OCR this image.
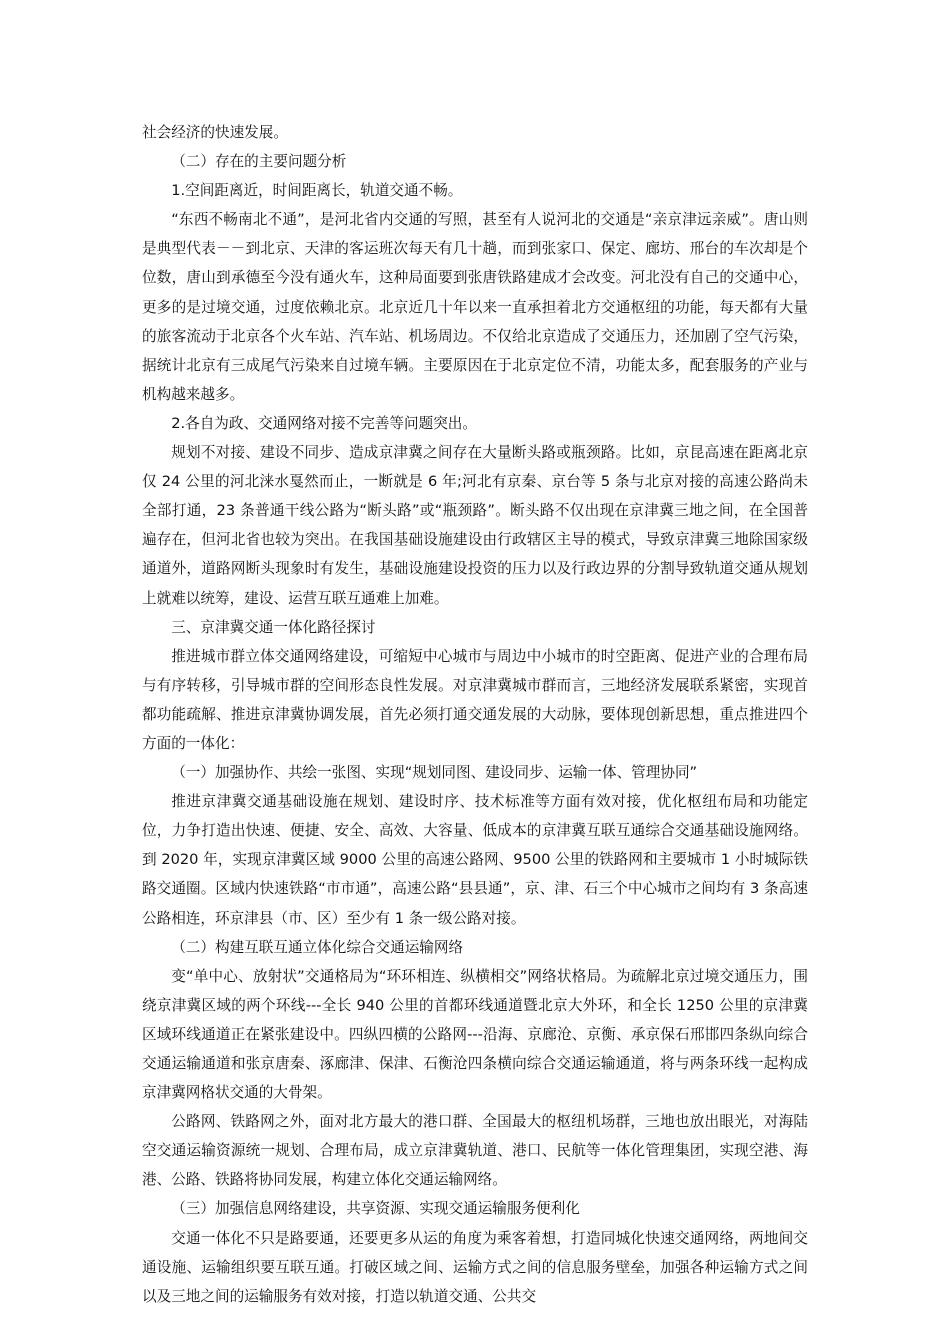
社会经济的快速发展。

（二）存在的主要问题分析

1.空间距离近，时间距离长，轨道交通不畅。

“东西不畅南北不通”，是河北省内交通的写照，甚至有人说河北的交通是“亲京津远亲威”。唐山则是典型代表－－到北京、天津的客运班次每天有几十趟，而到张家口、保定、廊坊、邢台的车次却是个位数，唐山到承德至今没有通火车，这种局面要到张唐铁路建成才会改变。河北没有自己的交通中心，更多的是过境交通，过度依赖北京。北京近几十年以来一直承担着北方交通枢纽的功能，每天都有大量的旅客流动于北京各个火车站、汽车站、机场周边。不仅给北京造成了交通压力，还加剧了空气污染，据统计北京有三成尾气污染来自过境车辆。主要原因在于北京定位不清，功能太多，配套服务的产业与机构越来越多。

2.各自为政、交通网络对接不完善等问题突出。

规划不对接、建设不同步、造成京津冀之间存在大量断头路或瓶颈路。比如，京昆高速在距离北京仅 24 公里的河北涞水戛然而止，一断就是 6 年;河北有京秦、京台等 5 条与北京对接的高速公路尚未全部打通，23 条普通干线公路为“断头路”或“瓶颈路”。断头路不仅出现在京津冀三地之间，在全国普遍存在，但河北省也较为突出。在我国基础设施建设由行政辖区主导的模式，导致京津冀三地除国家级通道外，道路网断头现象时有发生，基础设施建设投资的压力以及行政边界的分割导致轨道交通从规划上就难以统筹，建设、运营互联互通难上加难。

三、京津冀交通一体化路径探讨

推进城市群立体交通网络建设，可缩短中心城市与周边中小城市的时空距离、促进产业的合理布局与有序转移，引导城市群的空间形态良性发展。对京津冀城市群而言，三地经济发展联系紧密，实现首都功能疏解、推进京津冀协调发展，首先必须打通交通发展的大动脉，要体现创新思想，重点推进四个方面的一体化：

（一）加强协作、共绘一张图、实现“规划同图、建设同步、运输一体、管理协同”

推进京津冀交通基础设施在规划、建设时序、技术标准等方面有效对接，优化枢纽布局和功能定位，力争打造出快速、便捷、安全、高效、大容量、低成本的京津冀互联互通综合交通基础设施网络。到 2020 年，实现京津冀区域 9000 公里的高速公路网、9500 公里的铁路网和主要城市 1 小时城际铁路交通圈。区域内快速铁路“市市通”，高速公路“县县通”，京、津、石三个中心城市之间均有 3 条高速公路相连，环京津县（市、区）至少有 1 条一级公路对接。

（二）构建互联互通立体化综合交通运输网络

变“单中心、放射状”交通格局为“环环相连、纵横相交”网络状格局。为疏解北京过境交通压力，围绕京津冀区域的两个环线---全长 940 公里的首都环线通道暨北京大外环，和全长 1250 公里的京津冀区域环线通道正在紧张建设中。四纵四横的公路网---沿海、京廊沧、京衡、承京保石邢邯四条纵向综合交通运输通道和张京唐秦、涿廊津、保津、石衡沧四条横向综合交通运输通道，将与两条环线一起构成京津冀网格状交通的大骨架。

公路网、铁路网之外，面对北方最大的港口群、全国最大的枢纽机场群，三地也放出眼光，对海陆空交通运输资源统一规划、合理布局，成立京津冀轨道、港口、民航等一体化管理集团，实现空港、海港、公路、铁路将协同发展，构建立体化交通运输网络。

（三）加强信息网络建设，共享资源、实现交通运输服务便利化

交通一体化不只是路要通，还要更多从运的角度为乘客着想，打造同城化快速交通网络，两地间交通设施、运输组织要互联互通。打破区域之间、运输方式之间的信息服务壁垒，加强各种运输方式之间以及三地之间的运输服务有效对接，打造以轨道交通、公共交
